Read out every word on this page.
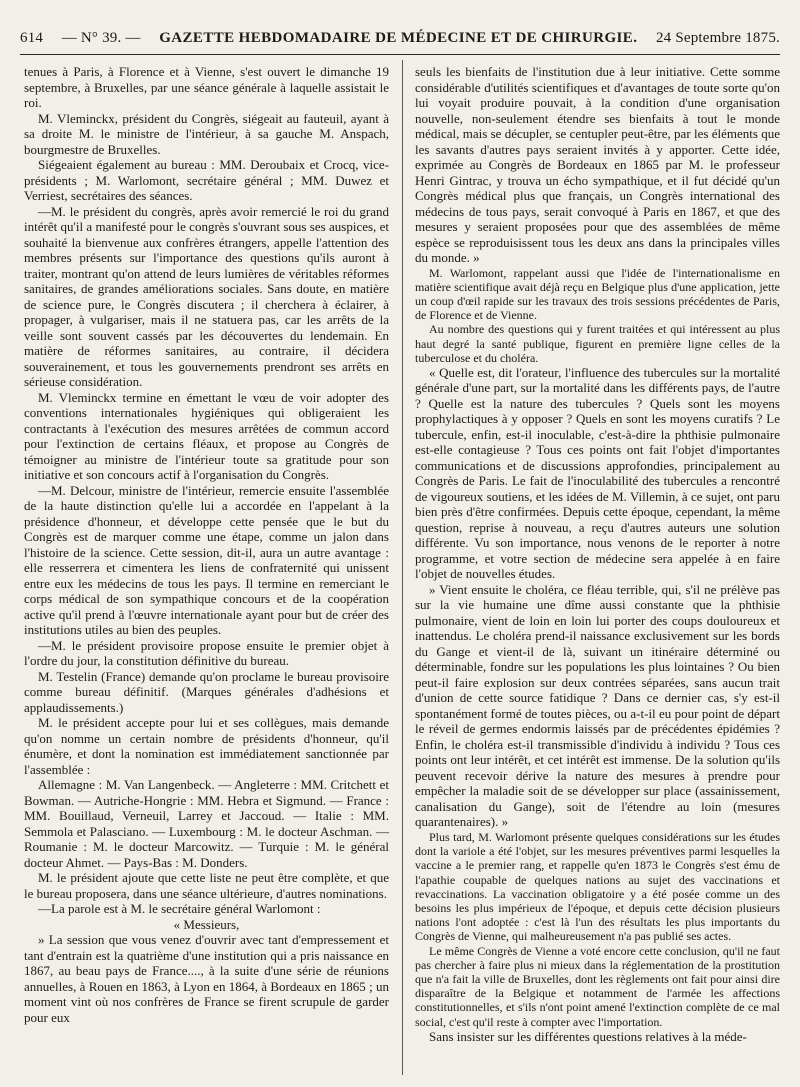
614 — N° 39. — GAZETTE HEBDOMADAIRE DE MÉDECINE ET DE CHIRURGIE. 24 Septembre 1875.

tenues à Paris, à Florence et à Vienne, s'est ouvert le dimanche 19 septembre, à Bruxelles, par une séance générale à laquelle assistait le roi.

M. Vleminckx, président du Congrès, siégeait au fauteuil, ayant à sa droite M. le ministre de l'intérieur, à sa gauche M. Anspach, bourgmestre de Bruxelles.

Siégeaient également au bureau : MM. Deroubaix et Crocq, vice-présidents ; M. Warlomont, secrétaire général ; MM. Duwez et Verriest, secrétaires des séances.

—M. le président du congrès, après avoir remercié le roi du grand intérêt qu'il a manifesté pour le congrès s'ouvrant sous ses auspices, et souhaité la bienvenue aux confrères étrangers, appelle l'attention des membres présents sur l'importance des questions qu'ils auront à traiter, montrant qu'on attend de leurs lumières de véritables réformes sanitaires, de grandes améliorations sociales. Sans doute, en matière de science pure, le Congrès discutera ; il cherchera à éclairer, à propager, à vulgariser, mais il ne statuera pas, car les arrêts de la veille sont souvent cassés par les découvertes du lendemain. En matière de réformes sanitaires, au contraire, il décidera souverainement, et tous les gouvernements prendront ses arrêts en sérieuse considération.

M. Vleminckx termine en émettant le vœu de voir adopter des conventions internationales hygiéniques qui obligeraient les contractants à l'exécution des mesures arrêtées de commun accord pour l'extinction de certains fléaux, et propose au Congrès de témoigner au ministre de l'intérieur toute sa gratitude pour son initiative et son concours actif à l'organisation du Congrès.

—M. Delcour, ministre de l'intérieur, remercie ensuite l'assemblée de la haute distinction qu'elle lui a accordée en l'appelant à la présidence d'honneur, et développe cette pensée que le but du Congrès est de marquer comme une étape, comme un jalon dans l'histoire de la science. Cette session, dit-il, aura un autre avantage : elle resserrera et cimentera les liens de confraternité qui unissent entre eux les médecins de tous les pays. Il termine en remerciant le corps médical de son sympathique concours et de la coopération active qu'il prend à l'œuvre internationale ayant pour but de créer des institutions utiles au bien des peuples.

—M. le président provisoire propose ensuite le premier objet à l'ordre du jour, la constitution définitive du bureau.

M. Testelin (France) demande qu'on proclame le bureau provisoire comme bureau définitif. (Marques générales d'adhésions et applaudissements.)

M. le président accepte pour lui et ses collègues, mais demande qu'on nomme un certain nombre de présidents d'honneur, qu'il énumère, et dont la nomination est immédiatement sanctionnée par l'assemblée :

Allemagne : M. Van Langenbeck. — Angleterre : MM. Critchett et Bowman. — Autriche-Hongrie : MM. Hebra et Sigmund. — France : MM. Bouillaud, Verneuil, Larrey et Jaccoud. — Italie : MM. Semmola et Palasciano. — Luxembourg : M. le docteur Aschman. — Roumanie : M. le docteur Marcowitz. — Turquie : M. le général docteur Ahmet. — Pays-Bas : M. Donders.

M. le président ajoute que cette liste ne peut être complète, et que le bureau proposera, dans une séance ultérieure, d'autres nominations.

—La parole est à M. le secrétaire général Warlomont :

« Messieurs,

» La session que vous venez d'ouvrir avec tant d'empressement et tant d'entrain est la quatrième d'une institution qui a pris naissance en 1867, au beau pays de France...., à la suite d'une série de réunions annuelles, à Rouen en 1863, à Lyon en 1864, à Bordeaux en 1865 ; un moment vint où nos confrères de France se firent scrupule de garder pour eux

seuls les bienfaits de l'institution due à leur initiative. Cette somme considérable d'utilités scientifiques et d'avantages de toute sorte qu'on lui voyait produire pouvait, à la condition d'une organisation nouvelle, non-seulement étendre ses bienfaits à tout le monde médical, mais se décupler, se centupler peut-être, par les éléments que les savants d'autres pays seraient invités à y apporter. Cette idée, exprimée au Congrès de Bordeaux en 1865 par M. le professeur Henri Gintrac, y trouva un écho sympathique, et il fut décidé qu'un Congrès médical plus que français, un Congrès international des médecins de tous pays, serait convoqué à Paris en 1867, et que des mesures y seraient proposées pour que des assemblées de même espèce se reproduisissent tous les deux ans dans la principales villes du monde. »

M. Warlomont, rappelant aussi que l'idée de l'internationalisme en matière scientifique avait déjà reçu en Belgique plus d'une application, jette un coup d'œil rapide sur les travaux des trois sessions précédentes de Paris, de Florence et de Vienne.

Au nombre des questions qui y furent traitées et qui intéressent au plus haut degré la santé publique, figurent en première ligne celles de la tuberculose et du choléra.

« Quelle est, dit l'orateur, l'influence des tubercules sur la mortalité générale d'une part, sur la mortalité dans les différents pays, de l'autre ? Quelle est la nature des tubercules ? Quels sont les moyens prophylactiques à y opposer ? Quels en sont les moyens curatifs ? Le tubercule, enfin, est-il inoculable, c'est-à-dire la phthisie pulmonaire est-elle contagieuse ? Tous ces points ont fait l'objet d'importantes communications et de discussions approfondies, principalement au Congrès de Paris. Le fait de l'inoculabilité des tubercules a rencontré de vigoureux soutiens, et les idées de M. Villemin, à ce sujet, ont paru bien près d'être confirmées. Depuis cette époque, cependant, la même question, reprise à nouveau, a reçu d'autres auteurs une solution différente. Vu son importance, nous venons de le reporter à notre programme, et votre section de médecine sera appelée à en faire l'objet de nouvelles études.

» Vient ensuite le choléra, ce fléau terrible, qui, s'il ne prélève pas sur la vie humaine une dîme aussi constante que la phthisie pulmonaire, vient de loin en loin lui porter des coups douloureux et inattendus. Le choléra prend-il naissance exclusivement sur les bords du Gange et vient-il de là, suivant un itinéraire déterminé ou déterminable, fondre sur les populations les plus lointaines ? Ou bien peut-il faire explosion sur deux contrées séparées, sans aucun trait d'union de cette source fatidique ? Dans ce dernier cas, s'y est-il spontanément formé de toutes pièces, ou a-t-il eu pour point de départ le réveil de germes endormis laissés par de précédentes épidémies ? Enfin, le choléra est-il transmissible d'individu à individu ? Tous ces points ont leur intérêt, et cet intérêt est immense. De la solution qu'ils peuvent recevoir dérive la nature des mesures à prendre pour empêcher la maladie soit de se développer sur place (assainissement, canalisation du Gange), soit de l'étendre au loin (mesures quarantenaires). »

Plus tard, M. Warlomont présente quelques considérations sur les études dont la variole a été l'objet, sur les mesures préventives parmi lesquelles la vaccine a le premier rang, et rappelle qu'en 1873 le Congrès s'est ému de l'apathie coupable de quelques nations au sujet des vaccinations et revaccinations. La vaccination obligatoire y a été posée comme un des besoins les plus impérieux de l'époque, et depuis cette décision plusieurs nations l'ont adoptée : c'est là l'un des résultats les plus importants du Congrès de Vienne, qui malheureusement n'a pas publié ses actes.

Le même Congrès de Vienne a voté encore cette conclusion, qu'il ne faut pas chercher à faire plus ni mieux dans la réglementation de la prostitution que n'a fait la ville de Bruxelles, dont les règlements ont fait pour ainsi dire disparaître de la Belgique et notamment de l'armée les affections constitutionnelles, et s'ils n'ont point amené l'extinction complète de ce mal social, c'est qu'il reste à compter avec l'importation.

Sans insister sur les différentes questions relatives à la méde-
